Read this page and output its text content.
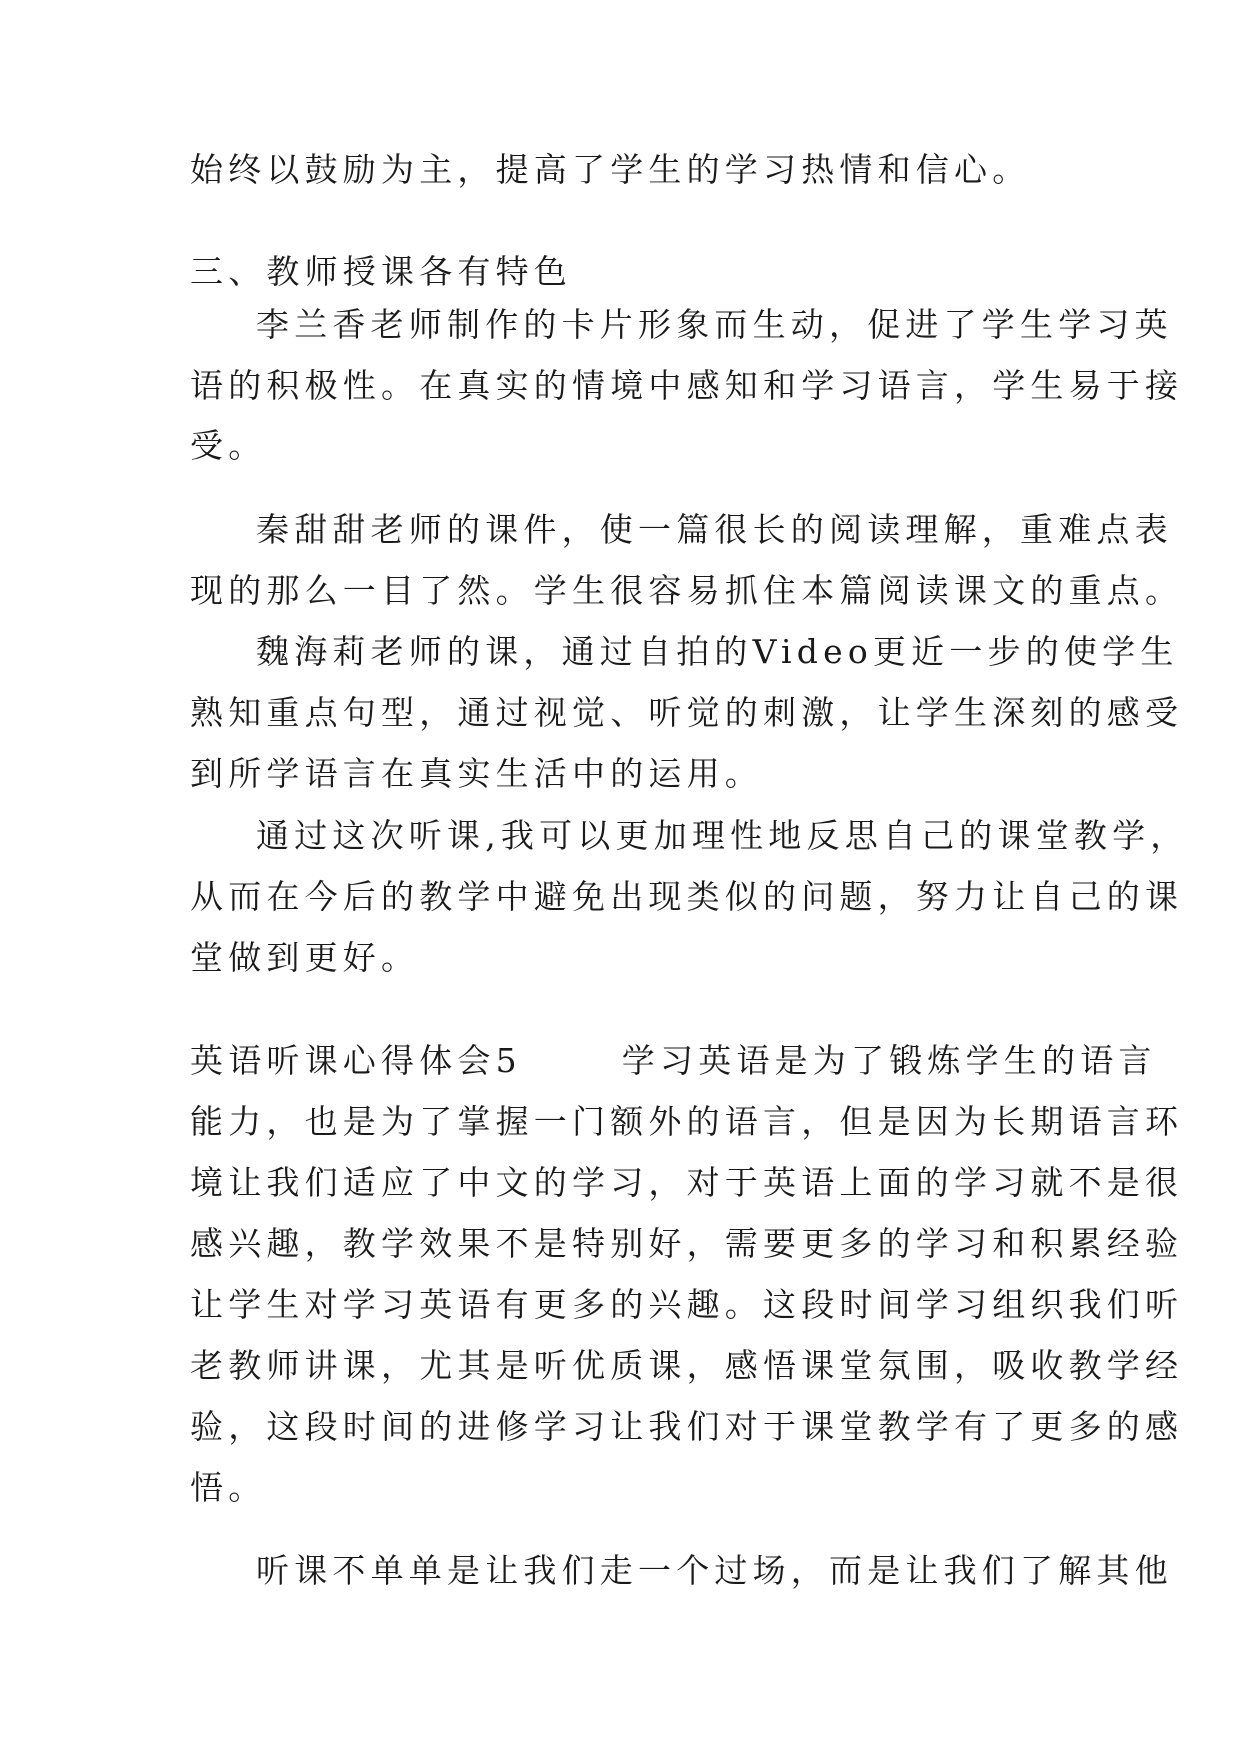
始终以鼓励为主，提高了学生的学习热情和信心。
三、教师授课各有特色
李兰香老师制作的卡片形象而生动，促进了学生学习英
语的积极性。在真实的情境中感知和学习语言，学生易于接
受。
秦甜甜老师的课件，使一篇很长的阅读理解，重难点表
现的那么一目了然。学生很容易抓住本篇阅读课文的重点。
魏海莉老师的课，通过自拍的Video更近一步的使学生
熟知重点句型，通过视觉、听觉的刺激，让学生深刻的感受
到所学语言在真实生活中的运用。
通过这次听课,我可以更加理性地反思自己的课堂教学，
从而在今后的教学中避免出现类似的问题，努力让自己的课
堂做到更好。
英语听课心得体会5	学习英语是为了锻炼学生的语言
能力，也是为了掌握一门额外的语言，但是因为长期语言环
境让我们适应了中文的学习，对于英语上面的学习就不是很
感兴趣，教学效果不是特别好，需要更多的学习和积累经验
让学生对学习英语有更多的兴趣。这段时间学习组织我们听
老教师讲课，尤其是听优质课，感悟课堂氛围，吸收教学经
验，这段时间的进修学习让我们对于课堂教学有了更多的感
悟。
听课不单单是让我们走一个过场，而是让我们了解其他
